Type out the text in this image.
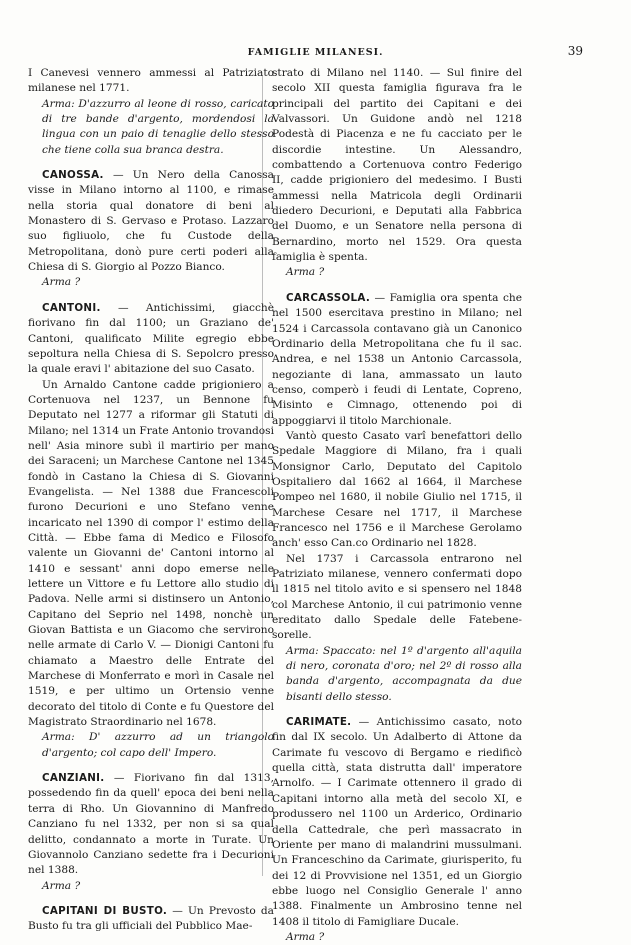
FAMIGLIE MILANESI.	39

I Canevesi vennero ammessi al Patriziato milanese nel 1771.

Arma: D'azzurro al leone di rosso, caricato di tre bande d'argento, mordendosi la lingua con un paio di tenaglie dello stesso che tiene colla sua branca destra.

CANOSSA. — Un Nero della Canossa visse in Milano intorno al 1100, e rimase nella storia qual donatore di beni al Monastero di S. Gervaso e Protaso. Lazzaro suo figliuolo, che fu Custode della Metropolitana, donò pure certi poderi alla Chiesa di S. Giorgio al Pozzo Bianco.

Arma ?

CANTONI. — Antichissimi, giacchè fiorivano fin dal 1100; un Graziano de' Cantoni, qualificato Milite egregio ebbe sepoltura nella Chiesa di S. Sepolcro presso la quale eravi l' abitazione del suo Casato.

Un Arnaldo Cantone cadde prigioniero a Cortenuova nel 1237, un Bennone fu Deputato nel 1277 a riformar gli Statuti di Milano; nel 1314 un Frate Antonio trovandosi nell' Asia minore subì il martirio per mano dei Saraceni; un Marchese Cantone nel 1345 fondò in Castano la Chiesa di S. Giovanni Evangelista. — Nel 1388 due Francescoli furono Decurioni e uno Stefano venne incaricato nel 1390 di compor l' estimo della Città. — Ebbe fama di Medico e Filosofo valente un Giovanni de' Cantoni intorno al 1410 e sessant' anni dopo emerse nelle lettere un Vittore e fu Lettore allo studio di Padova. Nelle armi si distinsero un Antonio, Capitano del Seprio nel 1498, nonchè un Giovan Battista e un Giacomo che servirono nelle armate di Carlo V. — Dionigi Cantoni fu chiamato a Maestro delle Entrate del Marchese di Monferrato e morì in Casale nel 1519, e per ultimo un Ortensio venne decorato del titolo di Conte e fu Questore del Magistrato Straordinario nel 1678.

Arma: D' azzurro ad un triangolo d'argento; col capo dell' Impero.

CANZIANI. — Fiorivano fin dal 1313, possedendo fin da quell' epoca dei beni nella terra di Rho. Un Giovannino di Manfredo Canziano fu nel 1332, per non si sa qual delitto, condannato a morte in Turate. Un Giovannolo Canziano sedette fra i Decurioni nel 1388.

Arma ?

CAPITANI DI BUSTO. — Un Prevosto da Busto fu tra gli ufficiali del Pubblico Mae-

strato di Milano nel 1140. — Sul finire del secolo XII questa famiglia figurava fra le principali del partito dei Capitani e dei Valvassori. Un Guidone andò nel 1218 Podestà di Piacenza e ne fu cacciato per le discordie intestine. Un Alessandro, combattendo a Cortenuova contro Federigo II, cadde prigioniero del medesimo. I Busti ammessi nella Matricola degli Ordinarii diedero Decurioni, e Deputati alla Fabbrica del Duomo, e un Senatore nella persona di Bernardino, morto nel 1529. Ora questa famiglia è spenta.

Arma ?

CARCASSOLA. — Famiglia ora spenta che nel 1500 esercitava prestino in Milano; nel 1524 i Carcassola contavano già un Canonico Ordinario della Metropolitana che fu il sac. Andrea, e nel 1538 un Antonio Carcassola, negoziante di lana, ammassato un lauto censo, comperò i feudi di Lentate, Copreno, Misinto e Cimnago, ottenendo poi di appoggiarvi il titolo Marchionale.

Vantò questo Casato varî benefattori dello Spedale Maggiore di Milano, fra i quali Monsignor Carlo, Deputato del Capitolo Ospitaliero dal 1662 al 1664, il Marchese Pompeo nel 1680, il nobile Giulio nel 1715, il Marchese Cesare nel 1717, il Marchese Francesco nel 1756 e il Marchese Gerolamo anch' esso Can.co Ordinario nel 1828.

Nel 1737 i Carcassola entrarono nel Patriziato milanese, vennero confermati dopo il 1815 nel titolo avito e si spensero nel 1848 col Marchese Antonio, il cui patrimonio venne ereditato dallo Spedale delle Fatebene-sorelle.

Arma: Spaccato: nel 1º d'argento all'aquila di nero, coronata d'oro; nel 2º di rosso alla banda d'argento, accompagnata da due bisanti dello stesso.

CARIMATE. — Antichissimo casato, noto fin dal IX secolo. Un Adalberto di Attone da Carimate fu vescovo di Bergamo e riedificò quella città, stata distrutta dall' imperatore Arnolfo. — I Carimate ottennero il grado di Capitani intorno alla metà del secolo XI, e produssero nel 1100 un Arderico, Ordinario della Cattedrale, che perì massacrato in Oriente per mano di malandrini mussulmani. Un Franceschino da Carimate, giurisperito, fu dei 12 di Provvisione nel 1351, ed un Giorgio ebbe luogo nel Consiglio Generale l' anno 1388. Finalmente un Ambrosino tenne nel 1408 il titolo di Famigliare Ducale.

Arma ?
